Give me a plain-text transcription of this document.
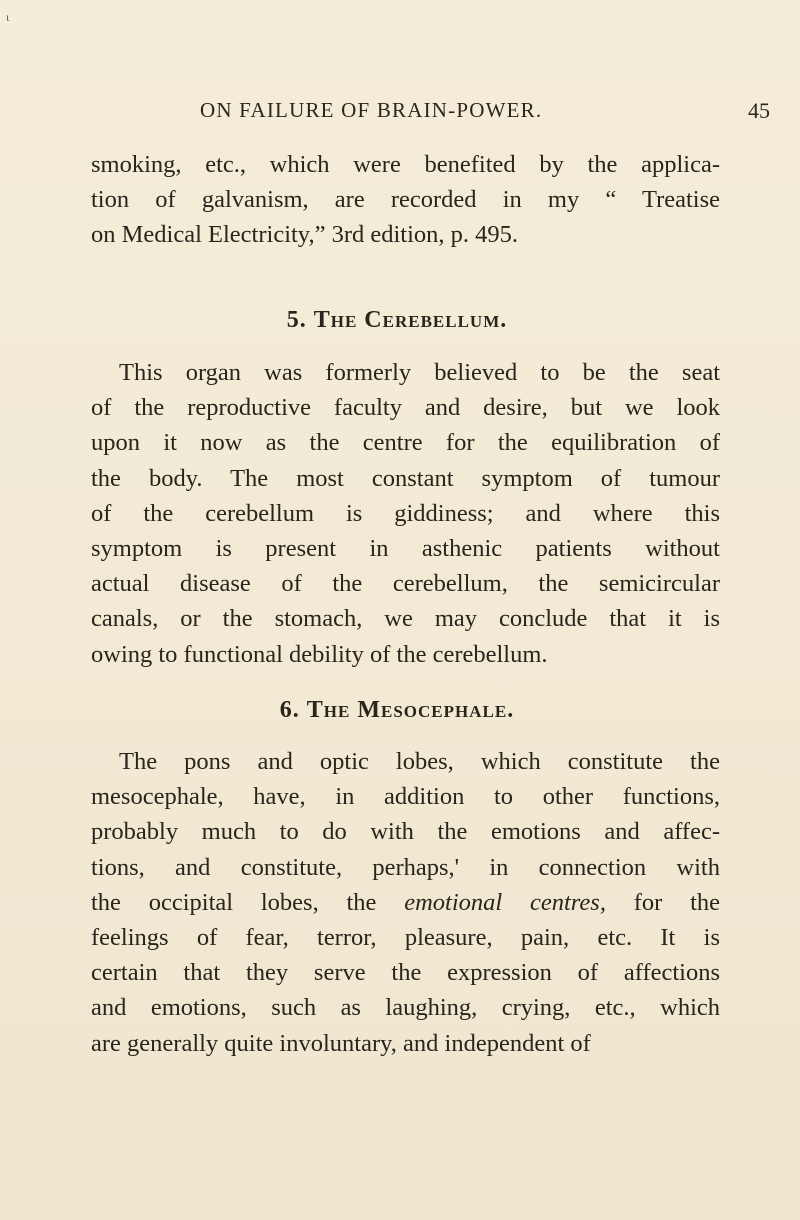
ι
ON FAILURE OF BRAIN-POWER.	45

smoking, etc., which were benefited by the applica-
tion of galvanism, are recorded in my “ Treatise
on Medical Electricity,” 3rd edition, p. 495.

5. The Cerebellum.

This organ was formerly believed to be the seat
of the reproductive faculty and desire, but we look
upon it now as the centre for the equilibration of
the body. The most constant symptom of tumour
of the cerebellum is giddiness; and where this
symptom is present in asthenic patients without
actual disease of the cerebellum, the semicircular
canals, or the stomach, we may conclude that it is
owing to functional debility of the cerebellum.

6. The Mesocephale.

The pons and optic lobes, which constitute the
mesocephale, have, in addition to other functions,
probably much to do with the emotions and affec-
tions, and constitute, perhaps,' in connection with
the occipital lobes, the emotional centres, for the
feelings of fear, terror, pleasure, pain, etc. It is
certain that they serve the expression of affections
and emotions, such as laughing, crying, etc., which
are generally quite involuntary, and independent of
